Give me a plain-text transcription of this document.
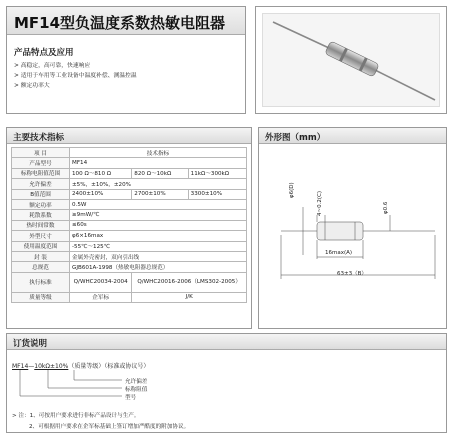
MF14型负温度系数热敏电阻器
产品特点及应用
> 高稳定，高可靠，快速响应
> 适用于车用等工业设备中温度补偿、测温控温
> 额定功率大
主要技术指标
项 目	技术指标		
产品型号	MF14		
标称电阻值范围	100 Ω～810 Ω	820 Ω～10kΩ	11kΩ～300kΩ
允许偏差	±5%，±10%，±20%		
B值范围	2400±10%	2700±10%	3300±10%
额定功率	0.5W		
耗散系数	≥9mW/℃		
热时间常数	≤60s		
外型尺寸	φ6×16max		
使用温度范围	-55℃～125℃		
封 装	金属外壳密封，双向引出线		
总规范	GJB601A-1998（热敏电阻器总规范）		
执行标准	Q/WHC20034-2004	Q/WHC20016-2006（LMS302-2005）	
质量等级	企军标	J/K	
外形图（mm）
φ6(D)
4~0.2(C)	φ0.6
16max(A)
63±3（B）
订货说明
MF14—10kΩ±10%（质量等级）（标准或协议号）
允许偏差
标称阻值
型号
> 注：1、可按用户要求进行非标产品设计与生产。
2、可根据用户要求在企军标基础上签订增加严酷度的附加协议。
